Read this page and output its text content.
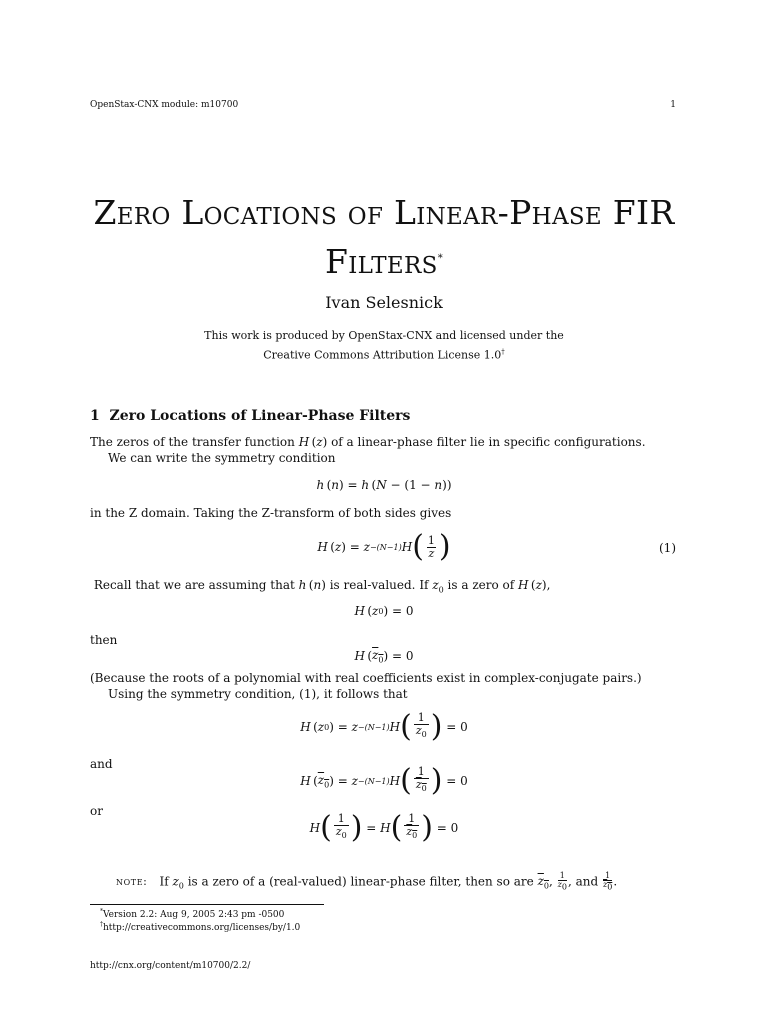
OpenStax-CNX module: m10700	1
Zero Locations of Linear-Phase FIR
Filters*
Ivan Selesnick
This work is produced by OpenStax-CNX and licensed under the
Creative Commons Attribution License 1.0†
1 Zero Locations of Linear-Phase Filters
The zeros of the transfer function H (z) of a linear-phase filter lie in specific configurations.
We can write the symmetry condition
h  ( n )
= h  ( N − (1 − n ))
in the Z domain. Taking the Z-transform of both sides gives
H  ( z )
= z −(N−1) H ( $\frac{1}{z}$ )	(1)
Recall that we are assuming that h (n) is real-valued. If $z_0$ is a zero of H (z),
H  ( z 0 )
= 0
then
H  ( $z_0$ )
= 0
(Because the roots of a polynomial with real coefficients exist in complex-conjugate pairs.)
Using the symmetry condition, (1), it follows that
H  ( z 0 )
= z −(N−1) H ( $\frac{1}{z_0}$ )
= 0
and
H  ( $z_0$ )
= z −(N−1) H ( $\frac{1}{z_0}$ )
= 0
or
H ( $\frac{1}{z_0}$ )
= H ( $\frac{1}{z_0}$ )
= 0
note: If $z_0$ is a zero of a (real-valued) linear-phase filter, then so are $z_0$, $\frac{1}{z_0}$ , and $\frac{1}{z_0}$ .
*Version 2.2: Aug 9, 2005 2:43 pm -0500
†http://creativecommons.org/licenses/by/1.0
http://cnx.org/content/m10700/2.2/
